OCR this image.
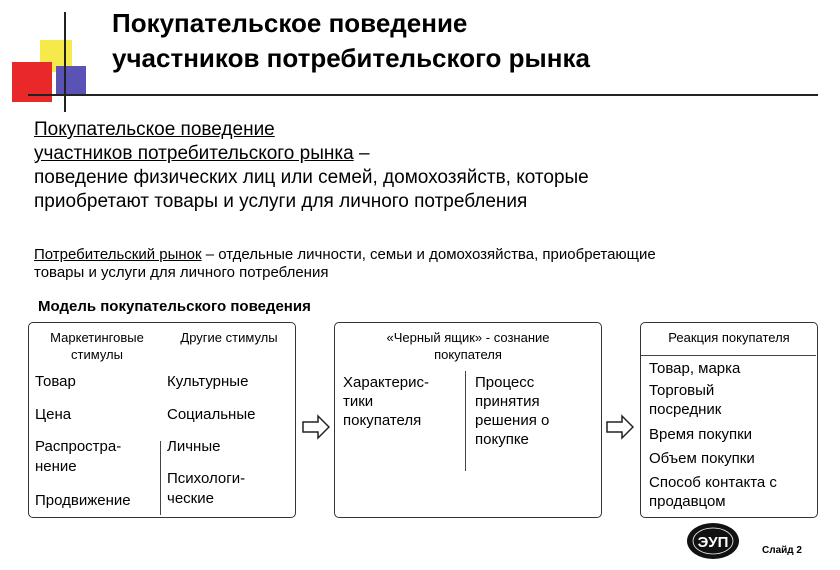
Покупательское поведение
участников потребительского рынка
Покупательское поведение
участников потребительского рынка –
поведение физических лиц или семей, домохозяйств, которые
приобретают товары и услуги для личного потребления
Потребительский рынок – отдельные личности, семьи и домохозяйства, приобретающие
товары и услуги для личного потребления
Модель покупательского поведения
Маркетинговые стимулы
Другие стимулы
Товар
Цена
Распростра-нение
Продвижение
Культурные
Социальные
Личные
Психологи-ческие
«Черный ящик» - сознание покупателя
Характерис-тики покупателя
Процесс принятия решения о покупке
Реакция покупателя
Товар, марка
Торговый посредник
Время покупки
Объем покупки
Способ контакта с продавцом
ЭУП	Слайд 2
